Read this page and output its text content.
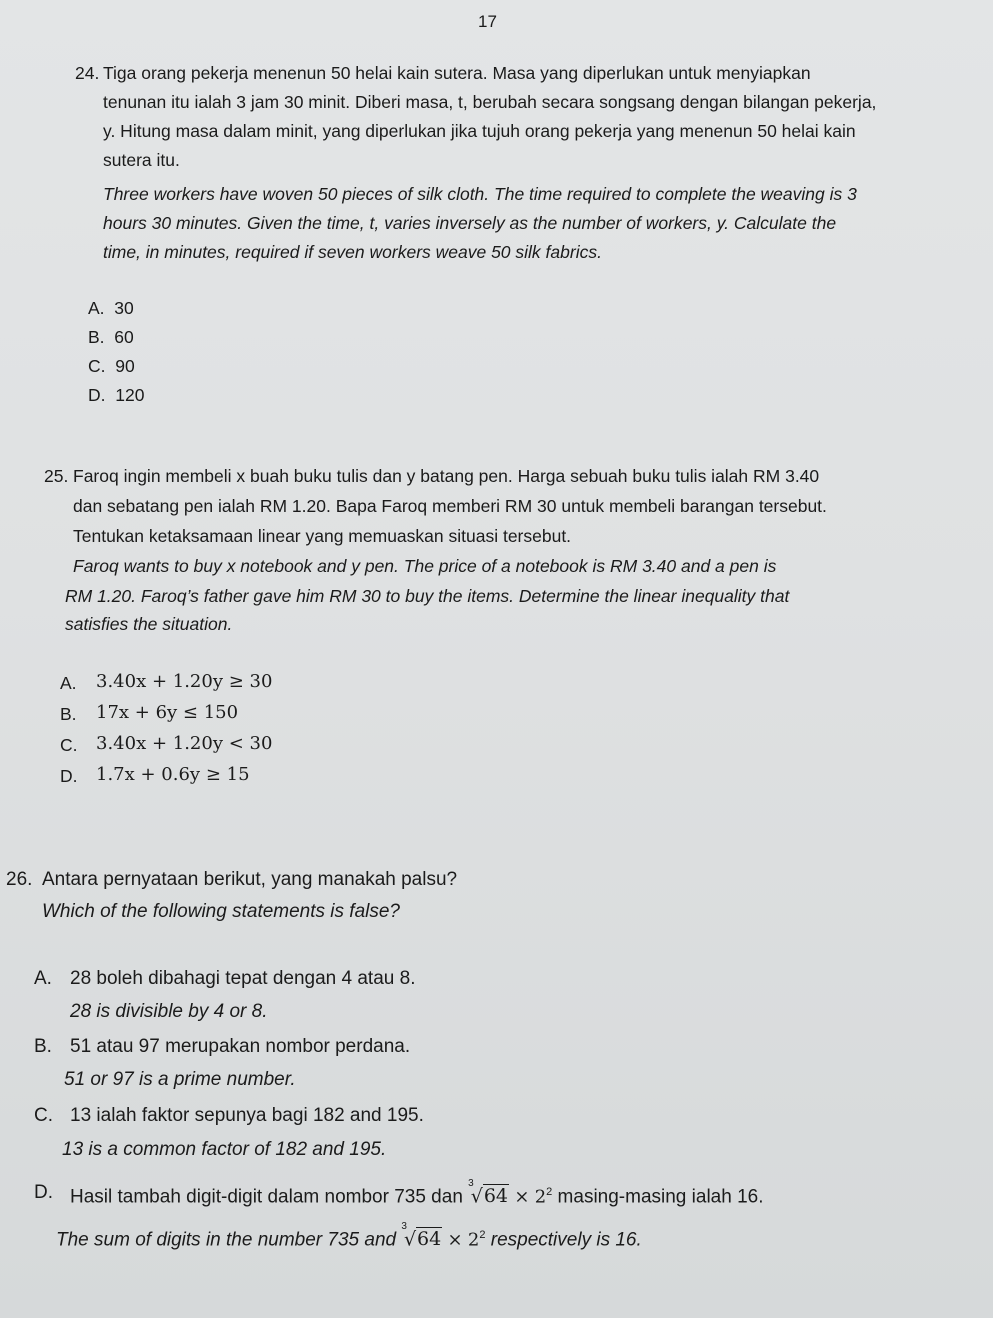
17
24. Tiga orang pekerja menenun 50 helai kain sutera. Masa yang diperlukan untuk menyiapkan
tenunan itu ialah 3 jam 30 minit. Diberi masa, t, berubah secara songsang dengan bilangan pekerja,
y. Hitung masa dalam minit, yang diperlukan jika tujuh orang pekerja yang menenun 50 helai kain
sutera itu.
Three workers have woven 50 pieces of silk cloth. The time required to complete the weaving is 3
hours 30 minutes. Given the time, t, varies inversely as the number of workers, y. Calculate the
time, in minutes, required if seven workers weave 50 silk fabrics.
A. 30
B. 60
C. 90
D. 120
25. Faroq ingin membeli x buah buku tulis dan y batang pen. Harga sebuah buku tulis ialah RM 3.40
dan sebatang pen ialah RM 1.20. Bapa Faroq memberi RM 30 untuk membeli barangan tersebut.
Tentukan ketaksamaan linear yang memuaskan situasi tersebut.
Faroq wants to buy x notebook and y pen. The price of a notebook is RM 3.40 and a pen is
RM 1.20. Faroq’s father gave him RM 30 to buy the items. Determine the linear inequality that
satisfies the situation.
A. 3.40x + 1.20y ≥ 30
B. 17x + 6y ≤ 150
C. 3.40x + 1.20y < 30
D. 1.7x + 0.6y ≥ 15
26. Antara pernyataan berikut, yang manakah palsu?
Which of the following statements is false?
A. 28 boleh dibahagi tepat dengan 4 atau 8.
28 is divisible by 4 or 8.
B. 51 atau 97 merupakan nombor perdana.
51 or 97 is a prime number.
C. 13 ialah faktor sepunya bagi 182 and 195.
13 is a common factor of 182 and 195.
D. Hasil tambah digit-digit dalam nombor 735 dan $^3√64 \times 2^2$ masing-masing ialah 16.
The sum of digits in the number 735 and $^3√64 \times 2^2$ respectively is 16.
